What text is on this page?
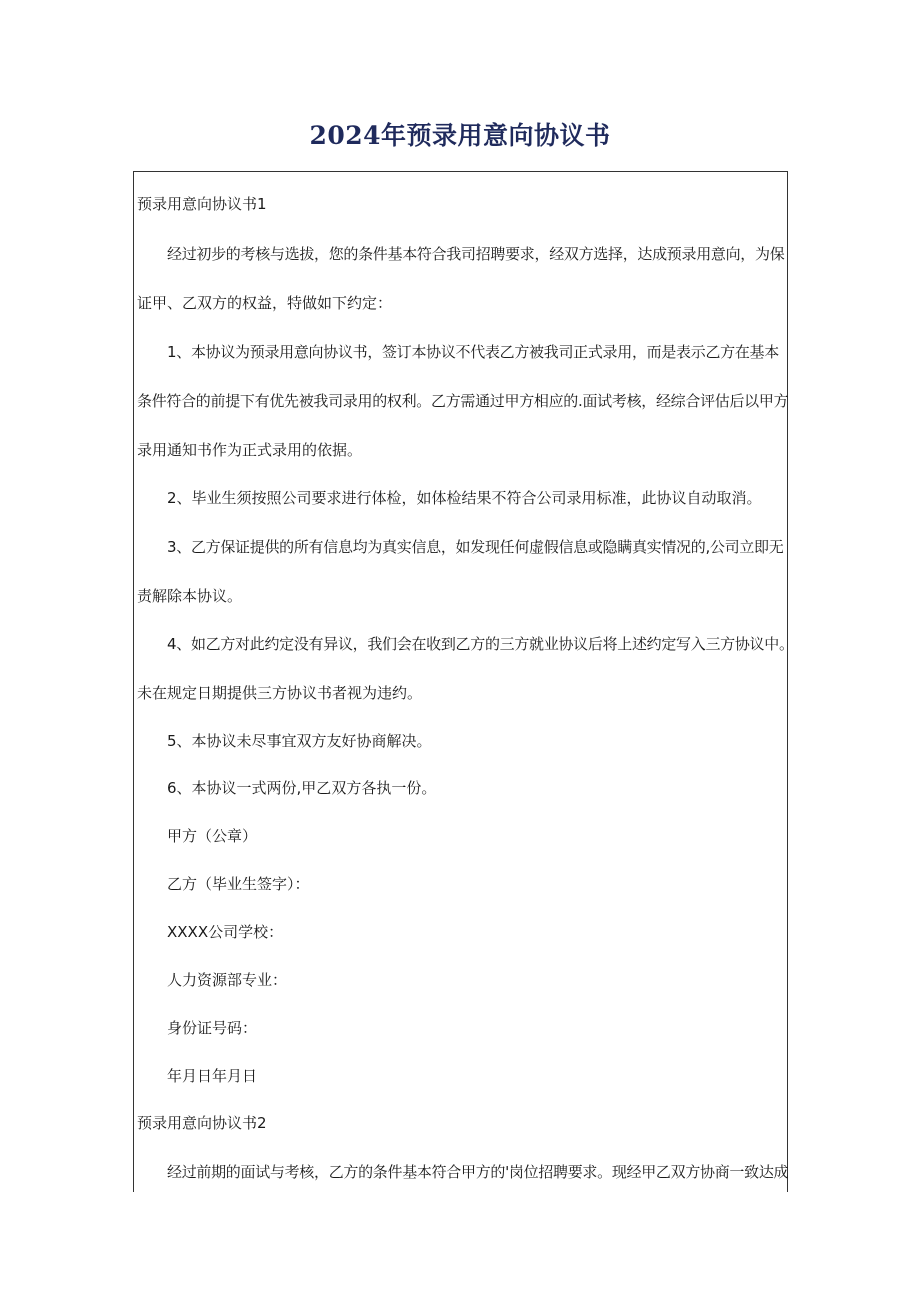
2024年预录用意向协议书
预录用意向协议书1
经过初步的考核与选拔，您的条件基本符合我司招聘要求，经双方选择，达成预录用意向，为保
证甲、乙双方的权益，特做如下约定：
1、本协议为预录用意向协议书，签订本协议不代表乙方被我司正式录用，而是表示乙方在基本
条件符合的前提下有优先被我司录用的权利。乙方需通过甲方相应的.面试考核，经综合评估后以甲方
录用通知书作为正式录用的依据。
2、毕业生须按照公司要求进行体检，如体检结果不符合公司录用标准，此协议自动取消。
3、乙方保证提供的所有信息均为真实信息，如发现任何虚假信息或隐瞒真实情况的,公司立即无
责解除本协议。
4、如乙方对此约定没有异议，我们会在收到乙方的三方就业协议后将上述约定写入三方协议中。
未在规定日期提供三方协议书者视为违约。
5、本协议未尽事宜双方友好协商解决。
6、本协议一式两份,甲乙双方各执一份。
甲方（公章）
乙方（毕业生签字）：
XXXX公司学校：
人力资源部专业：
身份证号码：
年月日年月日
预录用意向协议书2
经过前期的面试与考核，乙方的条件基本符合甲方的'岗位招聘要求。现经甲乙双方协商一致达成
